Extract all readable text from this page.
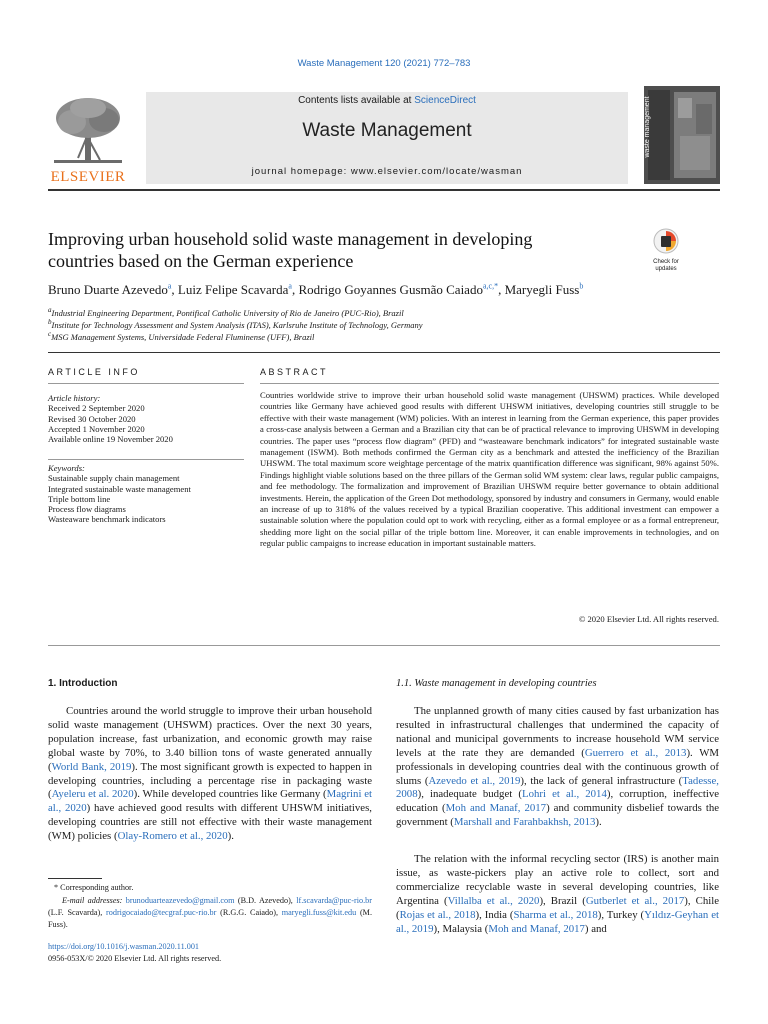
Waste Management 120 (2021) 772–783
ELSEVIER
Contents lists available at ScienceDirect
Waste Management
journal homepage: www.elsevier.com/locate/wasman
waste management
Improving urban household solid waste management in developing
countries based on the German experience	Check for updates
Bruno Duarte Azevedo$^a$, Luiz Felipe Scavarda$^a$, Rodrigo Goyannes Gusmão Caiado$^{a,c,*}$, Maryegli Fuss$^b$
$^a$Industrial Engineering Department, Pontifical Catholic University of Rio de Janeiro (PUC-Rio), Brazil
$^b$Institute for Technology Assessment and System Analysis (ITAS), Karlsruhe Institute of Technology, Germany
$^c$MSG Management Systems, Universidade Federal Fluminense (UFF), Brazil
ARTICLE INFO
Article history:
Received 2 September 2020
Revised 30 October 2020
Accepted 1 November 2020
Available online 19 November 2020
Keywords:
Sustainable supply chain management
Integrated sustainable waste management
Triple bottom line
Process flow diagrams
Wasteaware benchmark indicators
ABSTRACT
Countries worldwide strive to improve their urban household solid waste management (UHSWM) practices. While developed countries like Germany have achieved good results with different UHSWM initiatives, developing countries still struggle to be effective with their waste management (WM) policies. With an interest in learning from the German experience, this paper provides a cross-case analysis between a German and a Brazilian city that can be of practical relevance to improving UHSWM in developing countries. The paper uses “process flow diagram” (PFD) and “wasteaware benchmark indicators” for integrated sustainable waste management (ISWM). Both methods confirmed the German city as a benchmark and attested the inefficiency of the Brazilian UHSWM. The total maximum score weightage percentage of the matrix quantification difference was significant, 98% against 50%. Findings highlight viable solutions based on the three pillars of the German solid WM system: clear laws, regular public campaigns, and fee methodology. The formalization and improvement of Brazilian UHSWM require better governance to obtain additional investments. Herein, the application of the Green Dot methodology, sponsored by industry and consumers in Germany, would enable an increase of up to 318% of the values received by a typical Brazilian cooperative. This additional investment can empower a sustainable solution where the population could opt to work with recycling, either as a formal employee or as a formal entrepreneur, shedding more light on the social pillar of the triple bottom line. Moreover, it can enable improvements in technologies, and on regular public campaigns to increase education in important sustainable matters.
© 2020 Elsevier Ltd. All rights reserved.
1. Introduction
Countries around the world struggle to improve their urban household solid waste management (UHSWM) practices. Over the next 30 years, population increase, fast urbanization, and economic growth may raise global waste by 70%, to 3.40 billion tons of waste generated annually (World Bank, 2019). The most significant growth is expected to happen in developing countries, including a percentage rise in packaging waste (Ayeleru et al. 2020). While developed countries like Germany (Magrini et al., 2020) have achieved good results with different UHSWM initiatives, developing countries are still not effective with their waste management (WM) policies (Olay-Romero et al., 2020).
1.1. Waste management in developing countries
The unplanned growth of many cities caused by fast urbanization has resulted in infrastructural challenges that undermined the capacity of national and municipal governments to increase household WM service levels at the rate they are demanded (Guerrero et al., 2013). WM professionals in developing countries deal with the continuous growth of slums (Azevedo et al., 2019), the lack of general infrastructure (Tadesse, 2008), inadequate budget (Lohri et al., 2014), corruption, ineffective education (Moh and Manaf, 2017) and community disbelief towards the government (Marshall and Farahbakhsh, 2013).
The relation with the informal recycling sector (IRS) is another main issue, as waste-pickers play an active role to collect, sort and commercialize recyclable waste in several developing countries, like Argentina (Villalba et al., 2020), Brazil (Gutberlet et al., 2017), Chile (Rojas et al., 2018), India (Sharma et al., 2018), Turkey (Yıldız-Geyhan et al., 2019), Malaysia (Moh and Manaf, 2017) and
* Corresponding author.
E-mail addresses: brunoduarteazevedo@gmail.com (B.D. Azevedo), lf.scavarda@puc-rio.br (L.F. Scavarda), rodrigocaiado@tecgraf.puc-rio.br (R.G.G. Caiado), maryegli.fuss@kit.edu (M. Fuss).
https://doi.org/10.1016/j.wasman.2020.11.001
0956-053X/© 2020 Elsevier Ltd. All rights reserved.
